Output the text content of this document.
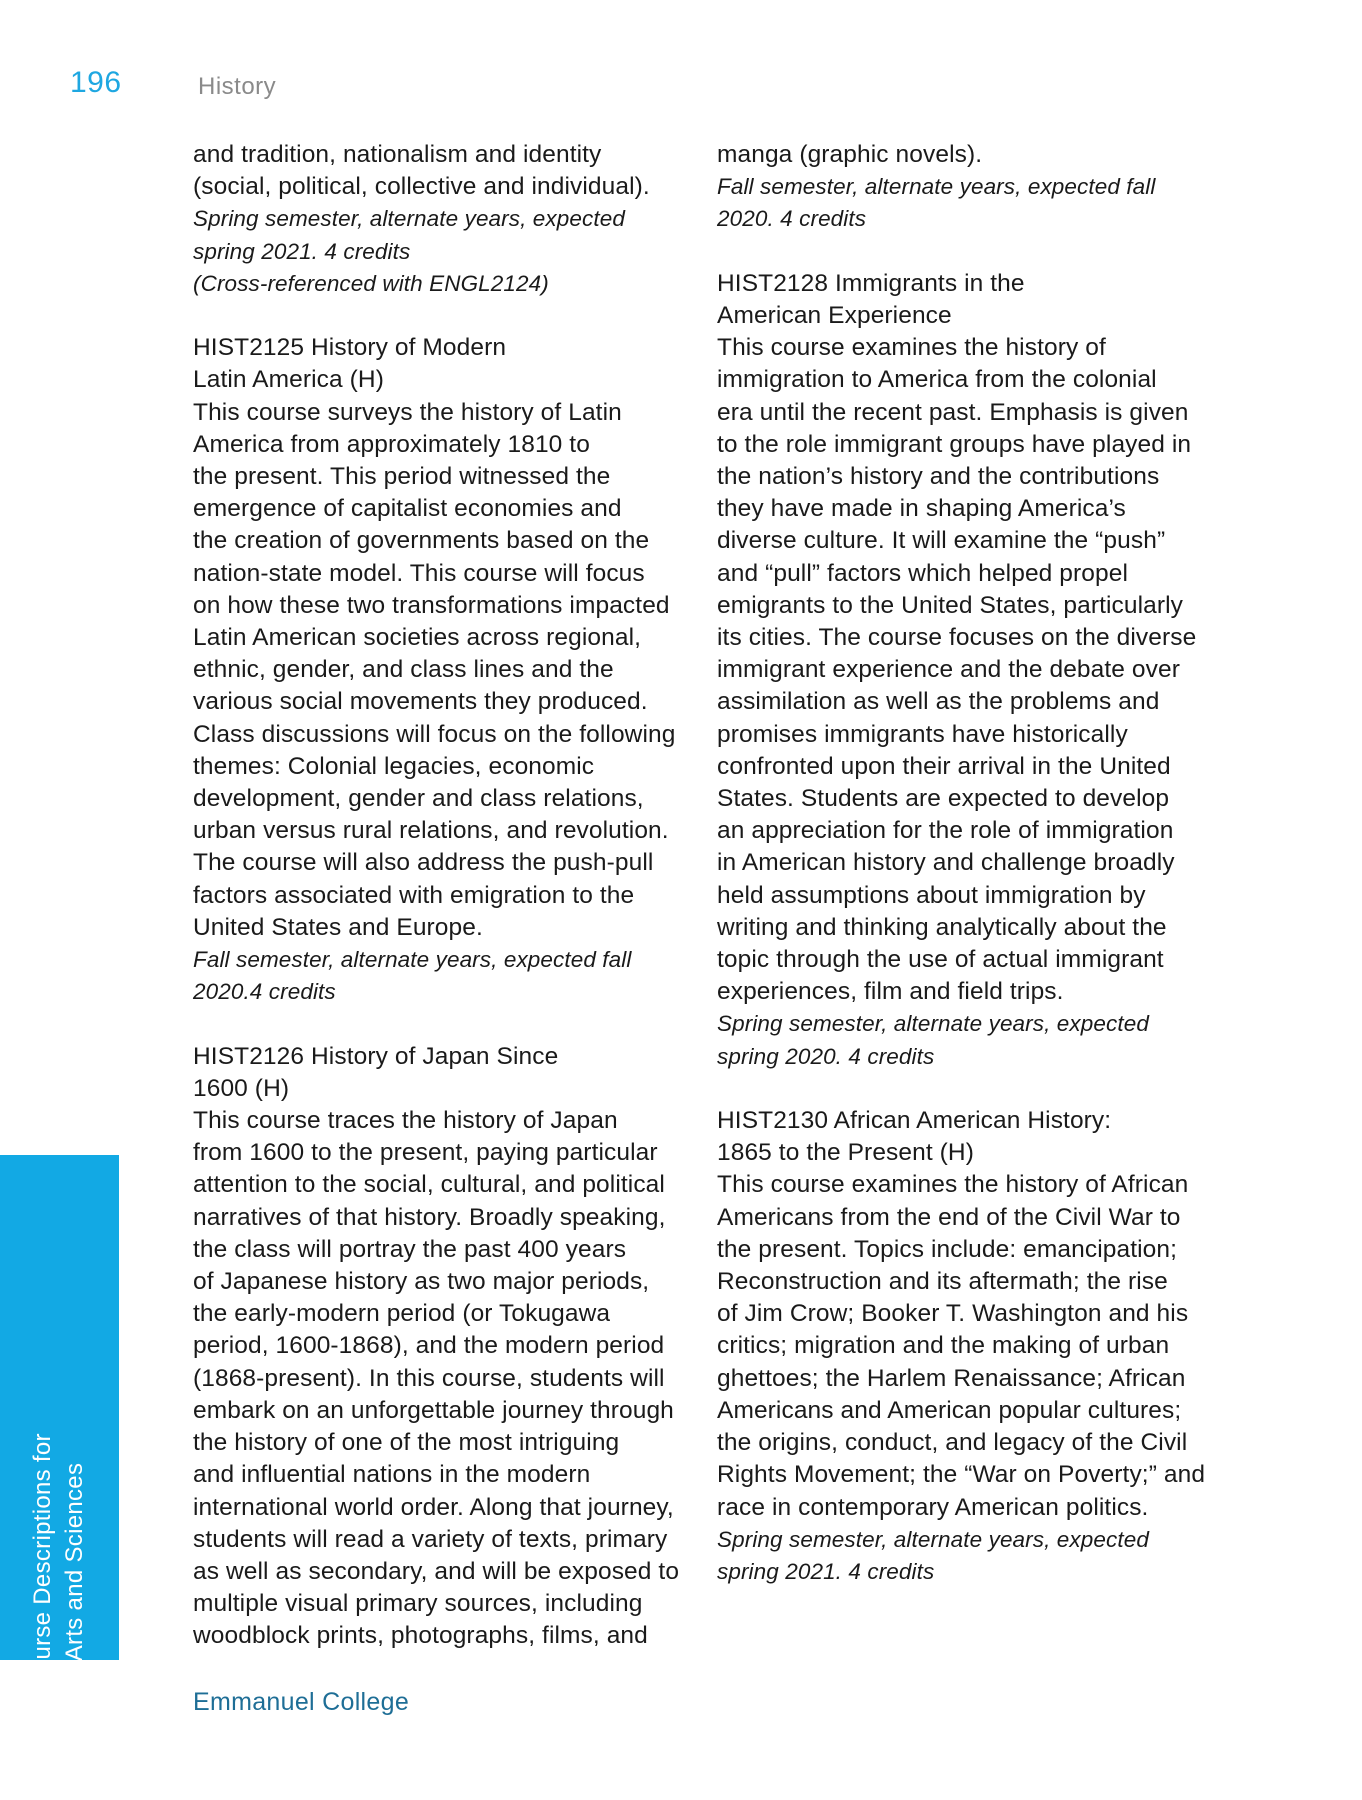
196	History

and tradition, nationalism and identity

(social, political, collective and individual).

Spring semester, alternate years, expected

spring 2021. 4 credits

(Cross-referenced with ENGL2124)

HIST2125 History of Modern

Latin America (H)

This course surveys the history of Latin

America from approximately 1810 to

the present. This period witnessed the

emergence of capitalist economies and

the creation of governments based on the

nation-state model. This course will focus

on how these two transformations impacted

Latin American societies across regional,

ethnic, gender, and class lines and the

various social movements they produced.

Class discussions will focus on the following

themes: Colonial legacies, economic

development, gender and class relations,

urban versus rural relations, and revolution.

The course will also address the push-pull

factors associated with emigration to the

United States and Europe.

Fall semester, alternate years, expected fall

2020.4 credits

HIST2126 History of Japan Since

1600 (H)

This course traces the history of Japan

from 1600 to the present, paying particular

attention to the social, cultural, and political

narratives of that history. Broadly speaking,

the class will portray the past 400 years

of Japanese history as two major periods,

the early-modern period (or Tokugawa

period, 1600-1868), and the modern period

(1868-present). In this course, students will

embark on an unforgettable journey through

the history of one of the most intriguing

and influential nations in the modern

international world order. Along that journey,

students will read a variety of texts, primary

as well as secondary, and will be exposed to

multiple visual primary sources, including

woodblock prints, photographs, films, and

manga (graphic novels).

Fall semester, alternate years, expected fall

2020. 4 credits

HIST2128 Immigrants in the

American Experience

This course examines the history of

immigration to America from the colonial

era until the recent past. Emphasis is given

to the role immigrant groups have played in

the nation’s history and the contributions

they have made in shaping America’s

diverse culture. It will examine the “push”

and “pull” factors which helped propel

emigrants to the United States, particularly

its cities. The course focuses on the diverse

immigrant experience and the debate over

assimilation as well as the problems and

promises immigrants have historically

confronted upon their arrival in the United

States. Students are expected to develop

an appreciation for the role of immigration

in American history and challenge broadly

held assumptions about immigration by

writing and thinking analytically about the

topic through the use of actual immigrant

experiences, film and field trips.

Spring semester, alternate years, expected

spring 2020. 4 credits

HIST2130 African American History:

1865 to the Present (H)

This course examines the history of African

Americans from the end of the Civil War to

the present. Topics include: emancipation;

Reconstruction and its aftermath; the rise

of Jim Crow; Booker T. Washington and his

critics; migration and the making of urban

ghettoes; the Harlem Renaissance; African

Americans and American popular cultures;

the origins, conduct, and legacy of the Civil

Rights Movement; the “War on Poverty;” and

race in contemporary American politics.

Spring semester, alternate years, expected

spring 2021. 4 credits

Course Descriptions for Arts and Sciences
Emmanuel College
